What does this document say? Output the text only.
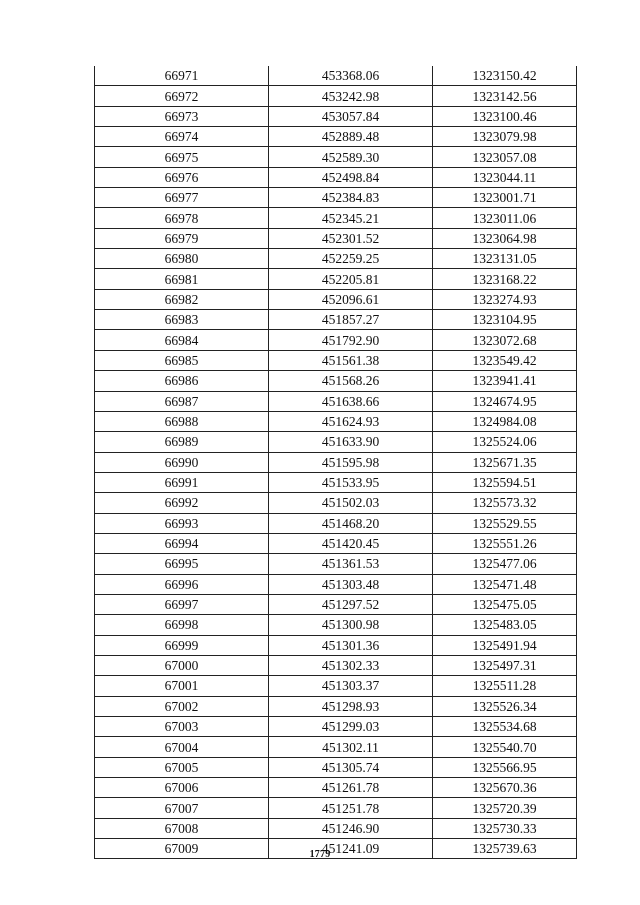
66971	453368.06	1323150.42
66972	453242.98	1323142.56
66973	453057.84	1323100.46
66974	452889.48	1323079.98
66975	452589.30	1323057.08
66976	452498.84	1323044.11
66977	452384.83	1323001.71
66978	452345.21	1323011.06
66979	452301.52	1323064.98
66980	452259.25	1323131.05
66981	452205.81	1323168.22
66982	452096.61	1323274.93
66983	451857.27	1323104.95
66984	451792.90	1323072.68
66985	451561.38	1323549.42
66986	451568.26	1323941.41
66987	451638.66	1324674.95
66988	451624.93	1324984.08
66989	451633.90	1325524.06
66990	451595.98	1325671.35
66991	451533.95	1325594.51
66992	451502.03	1325573.32
66993	451468.20	1325529.55
66994	451420.45	1325551.26
66995	451361.53	1325477.06
66996	451303.48	1325471.48
66997	451297.52	1325475.05
66998	451300.98	1325483.05
66999	451301.36	1325491.94
67000	451302.33	1325497.31
67001	451303.37	1325511.28
67002	451298.93	1325526.34
67003	451299.03	1325534.68
67004	451302.11	1325540.70
67005	451305.74	1325566.95
67006	451261.78	1325670.36
67007	451251.78	1325720.39
67008	451246.90	1325730.33
67009	451241.09	1325739.63
1779
